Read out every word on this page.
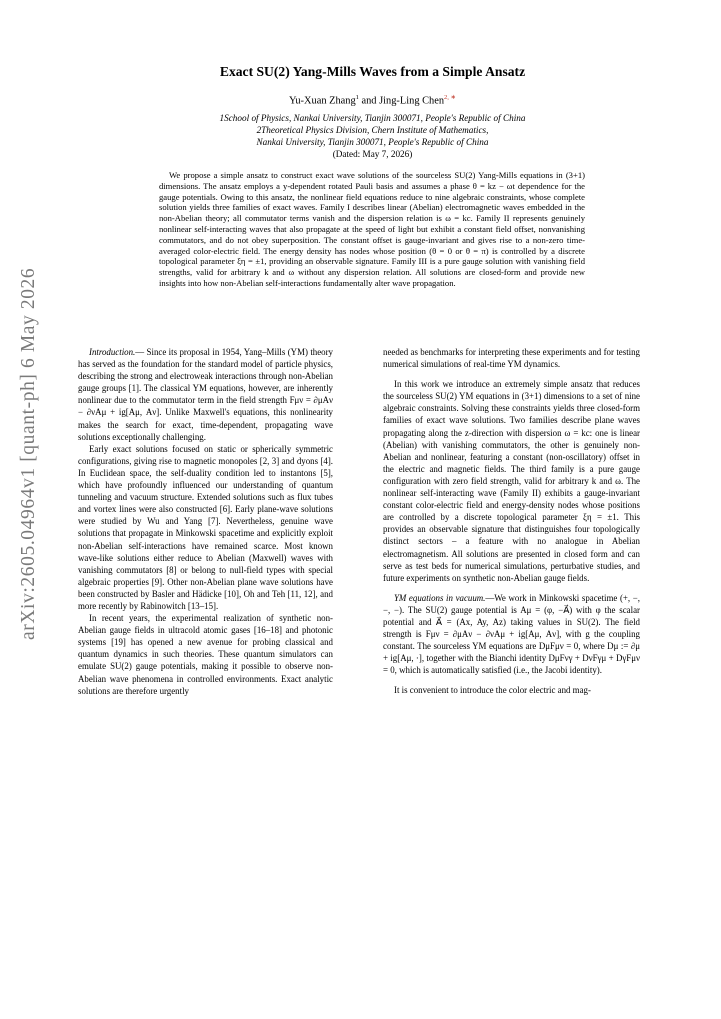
arXiv:2605.04964v1 [quant-ph] 6 May 2026
Exact SU(2) Yang-Mills Waves from a Simple Ansatz
Yu-Xuan Zhang$^1$ and Jing-Ling Chen$^{2, ∗}$
1School of Physics, Nankai University, Tianjin 300071, People's Republic of China
2Theoretical Physics Division, Chern Institute of Mathematics,
Nankai University, Tianjin 300071, People's Republic of China
(Dated: May 7, 2026)
We propose a simple ansatz to construct exact wave solutions of the sourceless SU(2) Yang-Mills equations in (3+1) dimensions. The ansatz employs a y-dependent rotated Pauli basis and assumes a phase θ = kz − ωt dependence for the gauge potentials. Owing to this ansatz, the nonlinear field equations reduce to nine algebraic constraints, whose complete solution yields three families of exact waves. Family I describes linear (Abelian) electromagnetic waves embedded in the non-Abelian theory; all commutator terms vanish and the dispersion relation is ω = kc. Family II represents genuinely nonlinear self-interacting waves that also propagate at the speed of light but exhibit a constant field offset, nonvanishing commutators, and do not obey superposition. The constant offset is gauge-invariant and gives rise to a non-zero time-averaged color-electric field. The energy density has nodes whose position (θ = 0 or θ = π) is controlled by a discrete topological parameter ξη = ±1, providing an observable signature. Family III is a pure gauge solution with vanishing field strengths, valid for arbitrary k and ω without any dispersion relation. All solutions are closed-form and provide new insights into how non-Abelian self-interactions fundamentally alter wave propagation.

Introduction.— Since its proposal in 1954, Yang–Mills (YM) theory has served as the foundation for the standard model of particle physics, describing the strong and electroweak interactions through non-Abelian gauge groups [1]. The classical YM equations, however, are inherently nonlinear due to the commutator term in the field strength Fμν = ∂μAν − ∂νAμ + ig[Aμ, Aν]. Unlike Maxwell's equations, this nonlinearity makes the search for exact, time-dependent, propagating wave solutions exceptionally challenging.

Early exact solutions focused on static or spherically symmetric configurations, giving rise to magnetic monopoles [2, 3] and dyons [4]. In Euclidean space, the self-duality condition led to instantons [5], which have profoundly influenced our understanding of quantum tunneling and vacuum structure. Extended solutions such as flux tubes and vortex lines were also constructed [6]. Early plane-wave solutions were studied by Wu and Yang [7]. Nevertheless, genuine wave solutions that propagate in Minkowski spacetime and explicitly exploit non-Abelian self-interactions have remained scarce. Most known wave-like solutions either reduce to Abelian (Maxwell) waves with vanishing commutators [8] or belong to null-field types with special algebraic properties [9]. Other non-Abelian plane wave solutions have been constructed by Basler and Hädicke [10], Oh and Teh [11, 12], and more recently by Rabinowitch [13–15].

In recent years, the experimental realization of synthetic non-Abelian gauge fields in ultracold atomic gases [16–18] and photonic systems [19] has opened a new avenue for probing classical and quantum dynamics in such theories. These quantum simulators can emulate SU(2) gauge potentials, making it possible to observe non-Abelian wave phenomena in controlled environments. Exact analytic solutions are therefore urgently

needed as benchmarks for interpreting these experiments and for testing numerical simulations of real-time YM dynamics.

In this work we introduce an extremely simple ansatz that reduces the sourceless SU(2) YM equations in (3+1) dimensions to a set of nine algebraic constraints. Solving these constraints yields three closed-form families of exact wave solutions. Two families describe plane waves propagating along the z-direction with dispersion ω = kc: one is linear (Abelian) with vanishing commutators, the other is genuinely non-Abelian and nonlinear, featuring a constant (non-oscillatory) offset in the electric and magnetic fields. The third family is a pure gauge configuration with zero field strength, valid for arbitrary k and ω. The nonlinear self-interacting wave (Family II) exhibits a gauge-invariant constant color-electric field and energy-density nodes whose positions are controlled by a discrete topological parameter ξη = ±1. This provides an observable signature that distinguishes four topologically distinct sectors – a feature with no analogue in Abelian electromagnetism. All solutions are presented in closed form and can serve as test beds for numerical simulations, perturbative studies, and future experiments on synthetic non-Abelian gauge fields.

YM equations in vacuum.—We work in Minkowski spacetime (+, −, −, −). The SU(2) gauge potential is Aμ = (φ, −A⃗) with φ the scalar potential and A⃗ = (Ax, Ay, Az) taking values in SU(2). The field strength is Fμν = ∂μAν − ∂νAμ + ig[Aμ, Aν], with g the coupling constant. The sourceless YM equations are DμFμν = 0, where Dμ := ∂μ + ig[Aμ, ·], together with the Bianchi identity DμFνγ + DνFγμ + DγFμν = 0, which is automatically satisfied (i.e., the Jacobi identity).

It is convenient to introduce the color electric and mag-
